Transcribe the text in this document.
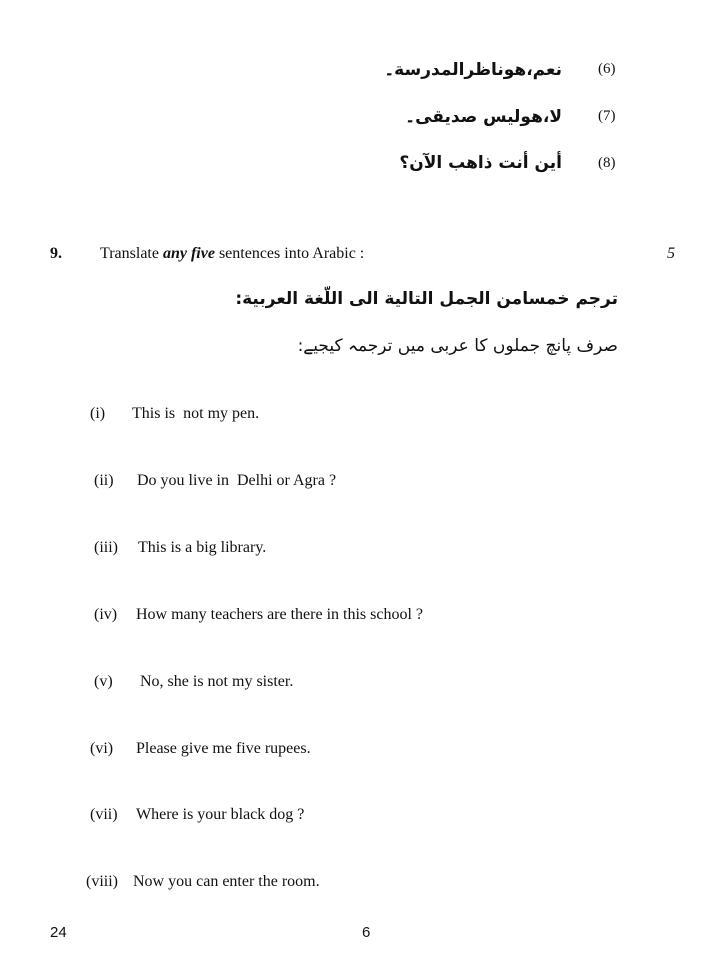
نعم،هوناظرالمدرسة۔ (6)
لا،هوليس صديقى۔ (7)
أين أنت ذاهب الآن؟ (8)
9. Translate any five sentences into Arabic :	5
ترجم خمسامن الجمل التالية الى اللّغة العربية:
صرف پانچ جملوں کا عربی میں ترجمہ کیجیے:
(i) This is  not my pen.
(ii) Do you live in  Delhi or Agra ?
(iii) This is a big library.
(iv) How many teachers are there in this school ?
(v) No, she is not my sister.
(vi) Please give me five rupees.
(vii) Where is your black dog ?
(viii) Now you can enter the room.
24	6
